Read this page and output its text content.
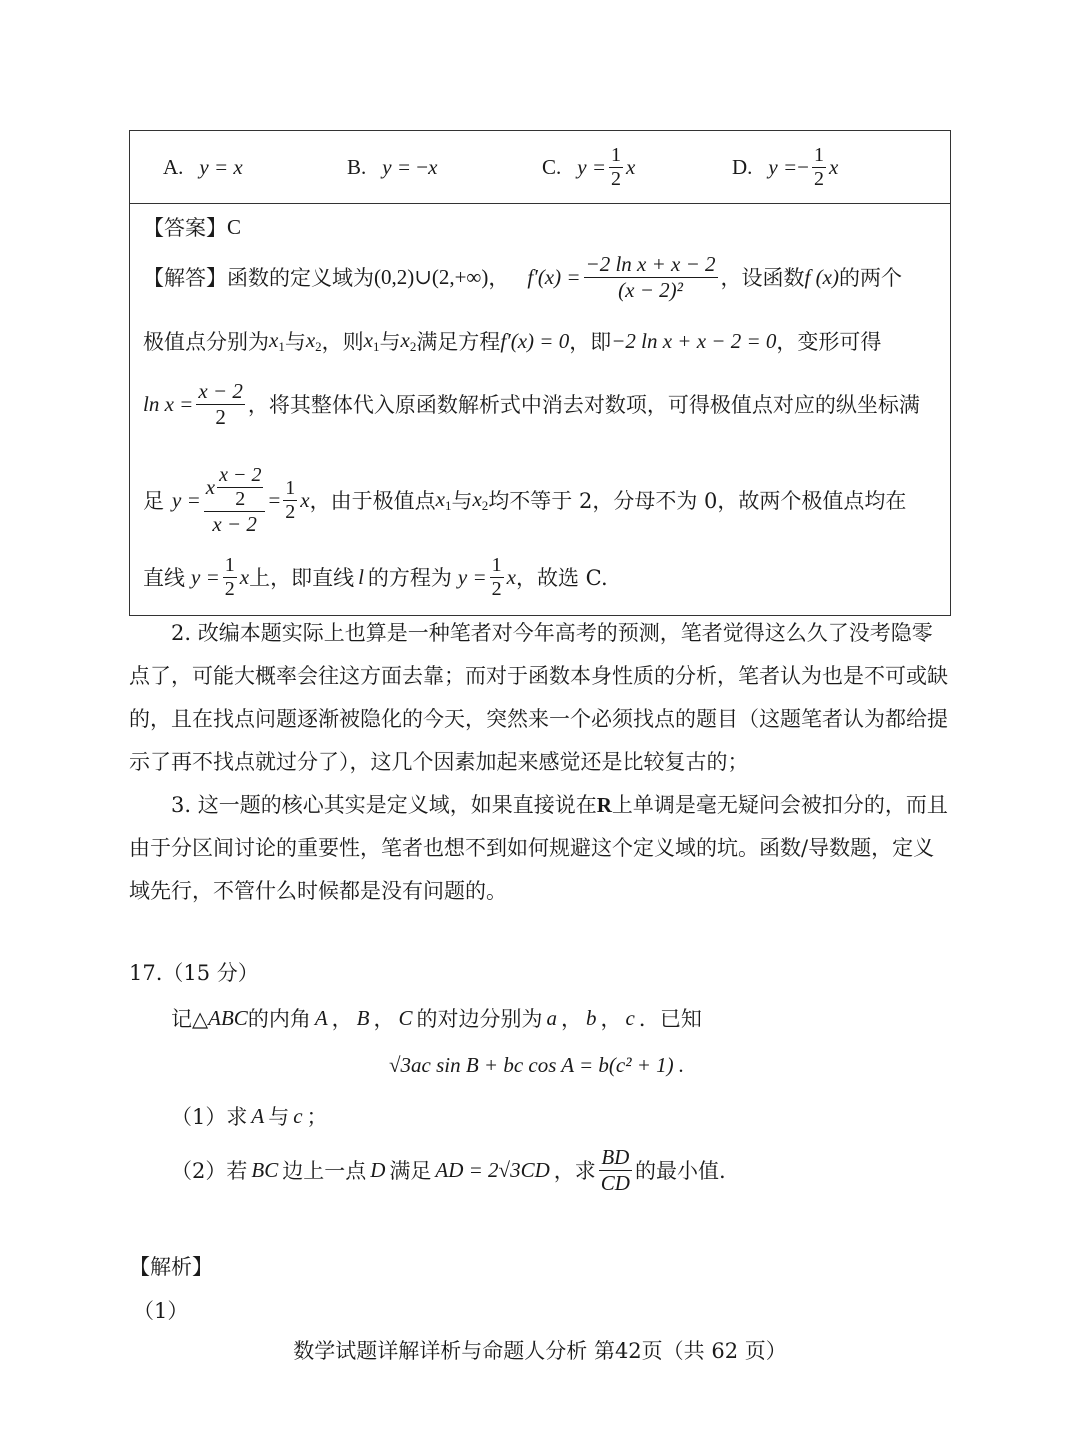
A. y = x	B. y = −x	C. $y = \frac{1}{2}$ x	D. y = − $\frac{1}{2}$ x
【答案】 C
【解答】 函数的定义域为 (0,2)∪(2,+∞) ， $f'(x) = \frac{\text{−2 ln x + x − 2}}{\text{(x − 2)²}}$ ，设函数 f (x) 的两个
极值点分别为 $x_1$ 与 $x_2$ ，则 $x_1$ 与 $x_2$ 满足方程 f′(x) = 0 ，即 −2 ln x + x − 2 = 0 ，变形可得
$\ln x = \frac{x - 2}{2}$ ，将其整体代入原函数解析式中消去对数项，可得极值点对应的纵坐标满
足 $y = \frac{x \frac{x - 2}{2}}{x - 2} = \frac{1}{2}$ x ，由于极值点 $x_1$ 与 $x_2$ 均不等于 2，分母不为 0，故两个极值点均在
直线 $y = \frac{1}{2}$ x 上，即直线 l 的方程为 $y = \frac{1}{2}$ x ，故选 C.

2. 改编本题实际上也算是一种笔者对今年高考的预测，笔者觉得这么久了没考隐零点了，可能大概率会往这方面去靠；而对于函数本身性质的分析，笔者认为也是不可或缺的，且在找点问题逐渐被隐化的今天，突然来一个必须找点的题目（这题笔者认为都给提示了再不找点就过分了），这几个因素加起来感觉还是比较复古的；

3. 这一题的核心其实是定义域，如果直接说在R上单调是毫无疑问会被扣分的，而且由于分区间讨论的重要性，笔者也想不到如何规避这个定义域的坑。函数/导数题，定义域先行，不管什么时候都是没有问题的。

17.（15 分）
记△ ABC 的内角 A ， B ， C 的对边分别为 a ， b ， c ．已知
√3ac sin B + bc cos A = b(c² + 1) .
（1）求 A 与 c ；
（2）若 BC 边上一点 D 满足 AD = 2√3CD ，求 $\frac{BD}{CD}$ 的最小值.
【解析】
（1）
数学试题详解详析与命题人分析 第42页（共 62 页）
